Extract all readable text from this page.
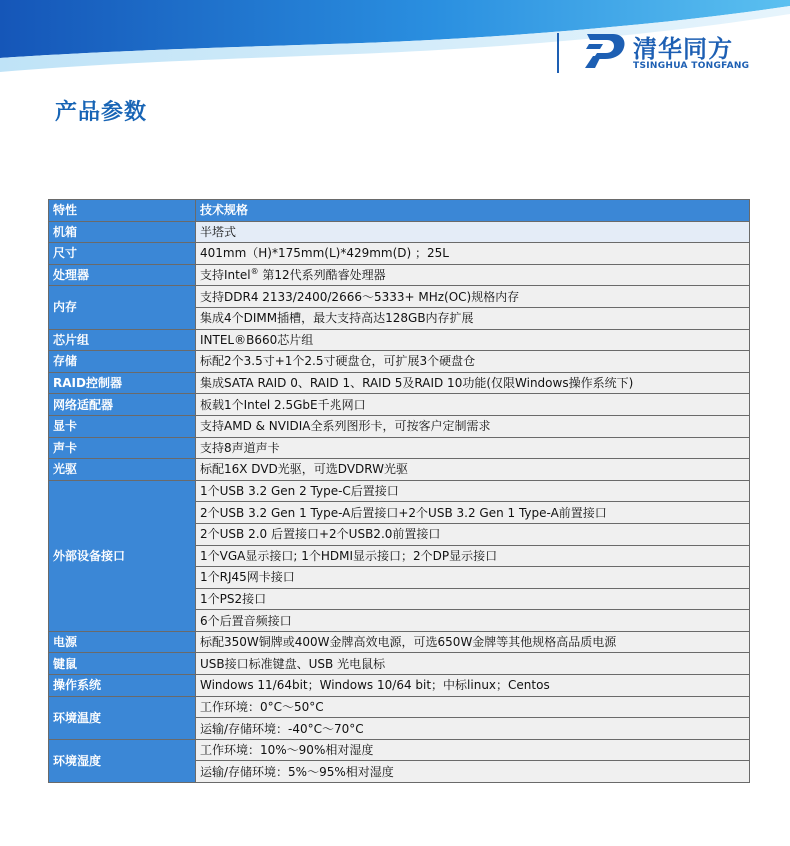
清华同方
TSINGHUA TONGFANG
产品参数
特性	技术规格
机箱	半塔式
尺寸	401mm（H)*175mm(L)*429mm(D) ；25L
处理器	支持Intel® 第12代系列酷睿处理器
内存	支持DDR4 2133/2400/2666～5333+ MHz(OC)规格内存
	集成4个DIMM插槽，最大支持高达128GB内存扩展
芯片组	INTEL®B660芯片组
存储	标配2个3.5寸+1个2.5寸硬盘仓，可扩展3个硬盘仓
RAID控制器	集成SATA RAID 0、RAID 1、RAID 5及RAID 10功能(仅限Windows操作系统下)
网络适配器	板载1个Intel 2.5GbE千兆网口
显卡	支持AMD & NVIDIA全系列图形卡，可按客户定制需求
声卡	支持8声道声卡
光驱	标配16X DVD光驱，可选DVDRW光驱
外部设备接口	1个USB 3.2 Gen 2 Type-C后置接口
	2个USB 3.2 Gen 1 Type-A后置接口+2个USB 3.2 Gen 1 Type-A前置接口
	2个USB 2.0 后置接口+2个USB2.0前置接口
	1个VGA显示接口; 1个HDMI显示接口；2个DP显示接口
	1个RJ45网卡接口
	1个PS2接口
	6个后置音频接口
电源	标配350W铜牌或400W金牌高效电源，可选650W金牌等其他规格高品质电源
键鼠	USB接口标准键盘、USB 光电鼠标
操作系统	Windows 11/64bit；Windows 10/64 bit；中标linux；Centos
环境温度	工作环境：0°C～50°C
	运输/存储环境：-40°C～70°C
环境湿度	工作环境：10%～90%相对湿度
	运输/存储环境：5%～95%相对湿度
